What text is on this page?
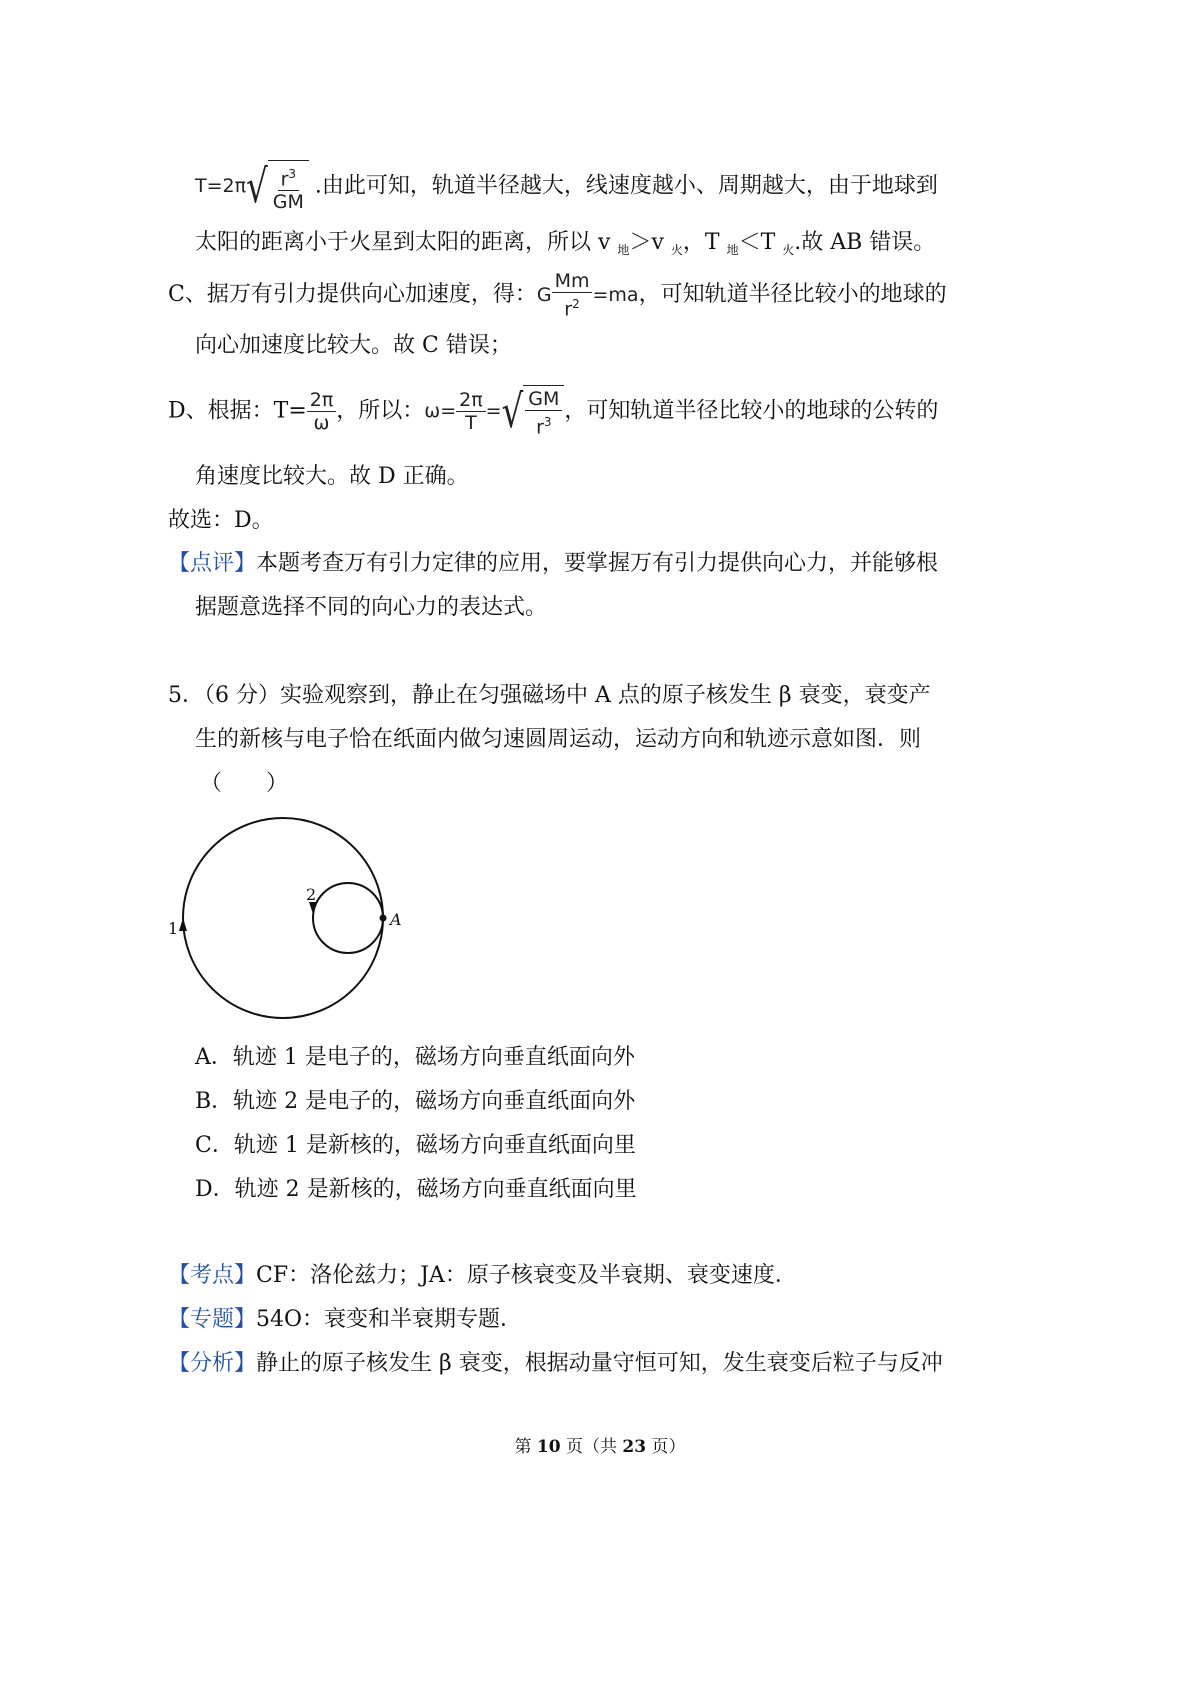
T=2π √ $\frac{r^3}{GM}$ .由此可知，轨道半径越大，线速度越小、周期越大，由于地球到
太阳的距离小于火星到太阳的距离，所以 v $_地$＞v $_火$，T $_地$＜T $_火$.故 AB 错误。
C、据万有引力提供向心加速度，得：G $\frac{Mm}{r^2} =ma$，可知轨道半径比较小的地球的
向心加速度比较大。故 C 错误；
D、根据：$T= \frac{2\pi}{\omega}$ ，所以：$\omega= \frac{2\pi}{T}$ = √ $\frac{GM}{r^3}$ ，可知轨道半径比较小的地球的公转的
角速度比较大。故 D 正确。
故选：D。
【点评】本题考查万有引力定律的应用，要掌握万有引力提供向心力，并能够根
据题意选择不同的向心力的表达式。
5．（6 分）实验观察到，静止在匀强磁场中 A 点的原子核发生 β 衰变，衰变产
生的新核与电子恰在纸面内做匀速圆周运动，运动方向和轨迹示意如图．则
（　　）
1
2
A
A．轨迹 1 是电子的，磁场方向垂直纸面向外
B．轨迹 2 是电子的，磁场方向垂直纸面向外
C．轨迹 1 是新核的，磁场方向垂直纸面向里
D．轨迹 2 是新核的，磁场方向垂直纸面向里
【考点】CF：洛伦兹力；JA：原子核衰变及半衰期、衰变速度．
【专题】54O：衰变和半衰期专题．
【分析】静止的原子核发生 β 衰变，根据动量守恒可知，发生衰变后粒子与反冲
第 10 页（共 23 页）
